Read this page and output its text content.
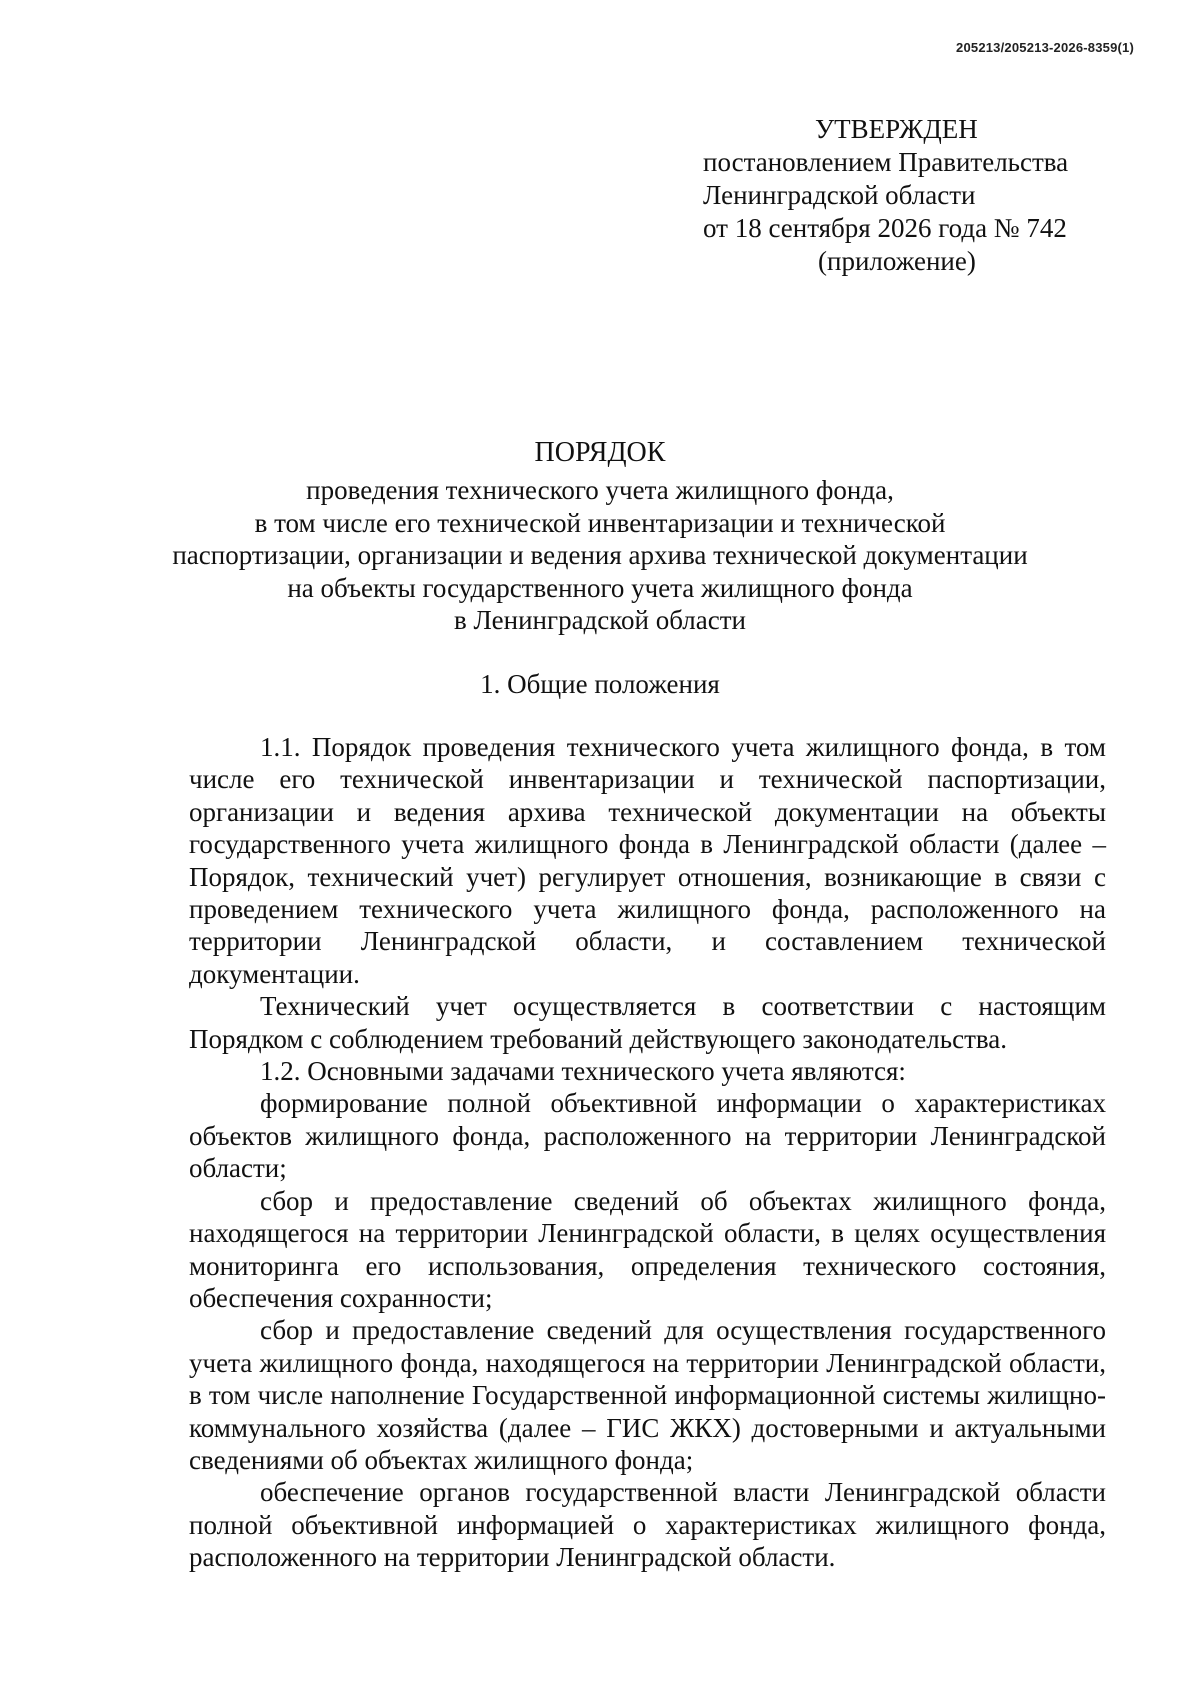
205213/205213-2026-8359(1)
УТВЕРЖДЕН
постановлением Правительства
Ленинградской области
от 18 сентября 2026 года № 742
(приложение)
ПОРЯДОК
проведения технического учета жилищного фонда,
в том числе его технической инвентаризации и технической
паспортизации, организации и ведения архива технической документации
на объекты государственного учета жилищного фонда
в Ленинградской области
1. Общие положения

1.1. Порядок проведения технического учета жилищного фонда, в том числе его технической инвентаризации и технической паспортизации, организации и ведения архива технической документации на объекты государственного учета жилищного фонда в Ленинградской области (далее – Порядок, технический учет) регулирует отношения, возникающие в связи с проведением технического учета жилищного фонда, расположенного на территории Ленинградской области, и составлением технической документации.

Технический учет осуществляется в соответствии с настоящим Порядком с соблюдением требований действующего законодательства.

1.2. Основными задачами технического учета являются:

формирование полной объективной информации о характеристиках объектов жилищного фонда, расположенного на территории Ленинградской области;

сбор и предоставление сведений об объектах жилищного фонда, находящегося на территории Ленинградской области, в целях осуществления мониторинга его использования, определения технического состояния, обеспечения сохранности;

сбор и предоставление сведений для осуществления государственного учета жилищного фонда, находящегося на территории Ленинградской области, в том числе наполнение Государственной информационной системы жилищно-коммунального хозяйства (далее – ГИС ЖКХ) достоверными и актуальными сведениями об объектах жилищного фонда;

обеспечение органов государственной власти Ленинградской области полной объективной информацией о характеристиках жилищного фонда, расположенного на территории Ленинградской области.
